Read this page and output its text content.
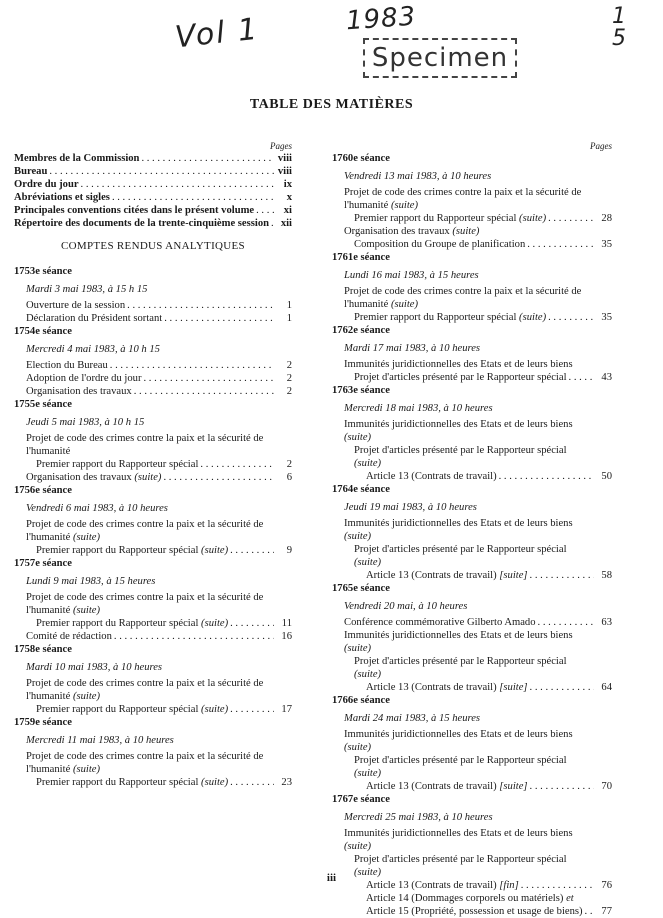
Vol 1	1983	1
5
Specimen
TABLE DES MATIÈRES
Pages
Membres de la Commission . . .	viii
Bureau . . .	viii
Ordre du jour . . .	ix
Abréviations et sigles . . .	x
Principales conventions citées dans le présent volume . . .	xi
Répertoire des documents de la trente-cinquième session . . .	xii
COMPTES RENDUS ANALYTIQUES
1753e séance
Mardi 3 mai 1983, à 15 h 15
Ouverture de la session . . .	1
Déclaration du Président sortant . . .	1
1754e séance
Mercredi 4 mai 1983, à 10 h 15
Election du Bureau . . .	2
Adoption de l'ordre du jour . . .	2
Organisation des travaux . . .	2
1755e séance
Jeudi 5 mai 1983, à 10 h 15
Projet de code des crimes contre la paix et la sécurité de l'humanité
Premier rapport du Rapporteur spécial . . .	2
Organisation des travaux (suite) . . .	6
1756e séance
Vendredi 6 mai 1983, à 10 heures
Projet de code des crimes contre la paix et la sécurité de l'humanité (suite)
Premier rapport du Rapporteur spécial (suite) . . .	9
1757e séance
Lundi 9 mai 1983, à 15 heures
Projet de code des crimes contre la paix et la sécurité de l'humanité (suite)
Premier rapport du Rapporteur spécial (suite) . . .	11
Comité de rédaction . . .	16
1758e séance
Mardi 10 mai 1983, à 10 heures
Projet de code des crimes contre la paix et la sécurité de l'humanité (suite)
Premier rapport du Rapporteur spécial (suite) . . .	17
1759e séance
Mercredi 11 mai 1983, à 10 heures
Projet de code des crimes contre la paix et la sécurité de l'humanité (suite)
Premier rapport du Rapporteur spécial (suite) . . .	23
Pages
1760e séance
Vendredi 13 mai 1983, à 10 heures
Projet de code des crimes contre la paix et la sécurité de l'humanité (suite)
Premier rapport du Rapporteur spécial (suite) . . .	28
Organisation des travaux (suite)
Composition du Groupe de planification . . .	35
1761e séance
Lundi 16 mai 1983, à 15 heures
Projet de code des crimes contre la paix et la sécurité de l'humanité (suite)
Premier rapport du Rapporteur spécial (suite) . . .	35
1762e séance
Mardi 17 mai 1983, à 10 heures
Immunités juridictionnelles des Etats et de leurs biens
Projet d'articles présenté par le Rapporteur spécial . . .	43
1763e séance
Mercredi 18 mai 1983, à 10 heures
Immunités juridictionnelles des Etats et de leurs biens (suite)
Projet d'articles présenté par le Rapporteur spécial (suite)
Article 13 (Contrats de travail) . . .	50
1764e séance
Jeudi 19 mai 1983, à 10 heures
Immunités juridictionnelles des Etats et de leurs biens (suite)
Projet d'articles présenté par le Rapporteur spécial (suite)
Article 13 (Contrats de travail) [suite] . . .	58
1765e séance
Vendredi 20 mai, à 10 heures
Conférence commémorative Gilberto Amado . . .	63
Immunités juridictionnelles des Etats et de leurs biens (suite)
Projet d'articles présenté par le Rapporteur spécial (suite)
Article 13 (Contrats de travail) [suite] . . .	64
1766e séance
Mardi 24 mai 1983, à 15 heures
Immunités juridictionnelles des Etats et de leurs biens (suite)
Projet d'articles présenté par le Rapporteur spécial (suite)
Article 13 (Contrats de travail) [suite] . . .	70
1767e séance
Mercredi 25 mai 1983, à 10 heures
Immunités juridictionnelles des Etats et de leurs biens (suite)
Projet d'articles présenté par le Rapporteur spécial (suite)
Article 13 (Contrats de travail) [fin] . . .	76
Article 14 (Dommages corporels ou matériels) et
Article 15 (Propriété, possession et usage de biens) . . .	77
iii
